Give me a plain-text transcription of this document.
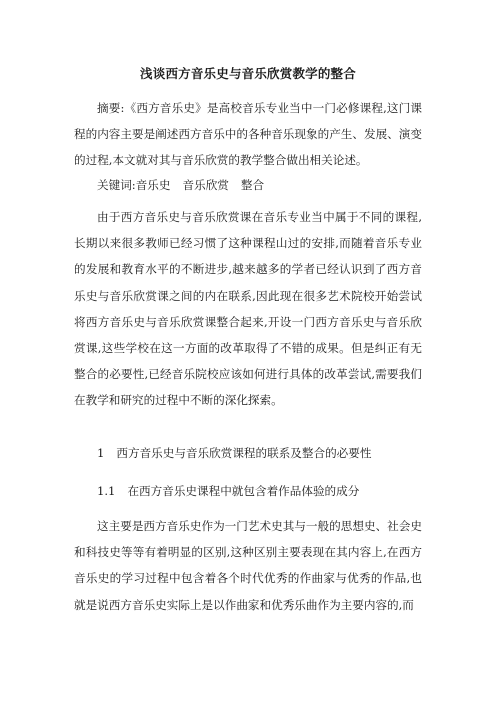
浅谈西方音乐史与音乐欣赏教学的整合
摘要:《西方音乐史》是高校音乐专业当中一门必修课程,这门课程的内容主要是阐述西方音乐中的各种音乐现象的产生、发展、演变的过程,本文就对其与音乐欣赏的教学整合做出相关论述。
关键词:音乐史 音乐欣赏 整合
由于西方音乐史与音乐欣赏课在音乐专业当中属于不同的课程,长期以来很多教师已经习惯了这种课程山过的安排,而随着音乐专业的发展和教育水平的不断进步,越来越多的学者已经认识到了西方音乐史与音乐欣赏课之间的内在联系,因此现在很多艺术院校开始尝试将西方音乐史与音乐欣赏课整合起来,开设一门西方音乐史与音乐欣赏课,这些学校在这一方面的改革取得了不错的成果。但是纠正有无整合的必要性,已经音乐院校应该如何进行具体的改革尝试,需要我们在教学和研究的过程中不断的深化探索。
1 西方音乐史与音乐欣赏课程的联系及整合的必要性
1.1 在西方音乐史课程中就包含着作品体验的成分
这主要是西方音乐史作为一门艺术史其与一般的思想史、社会史和科技史等等有着明显的区别,这种区别主要表现在其内容上,在西方音乐史的学习过程中包含着各个时代优秀的作曲家与优秀的作品,也就是说西方音乐史实际上是以作曲家和优秀乐曲作为主要内容的,而
